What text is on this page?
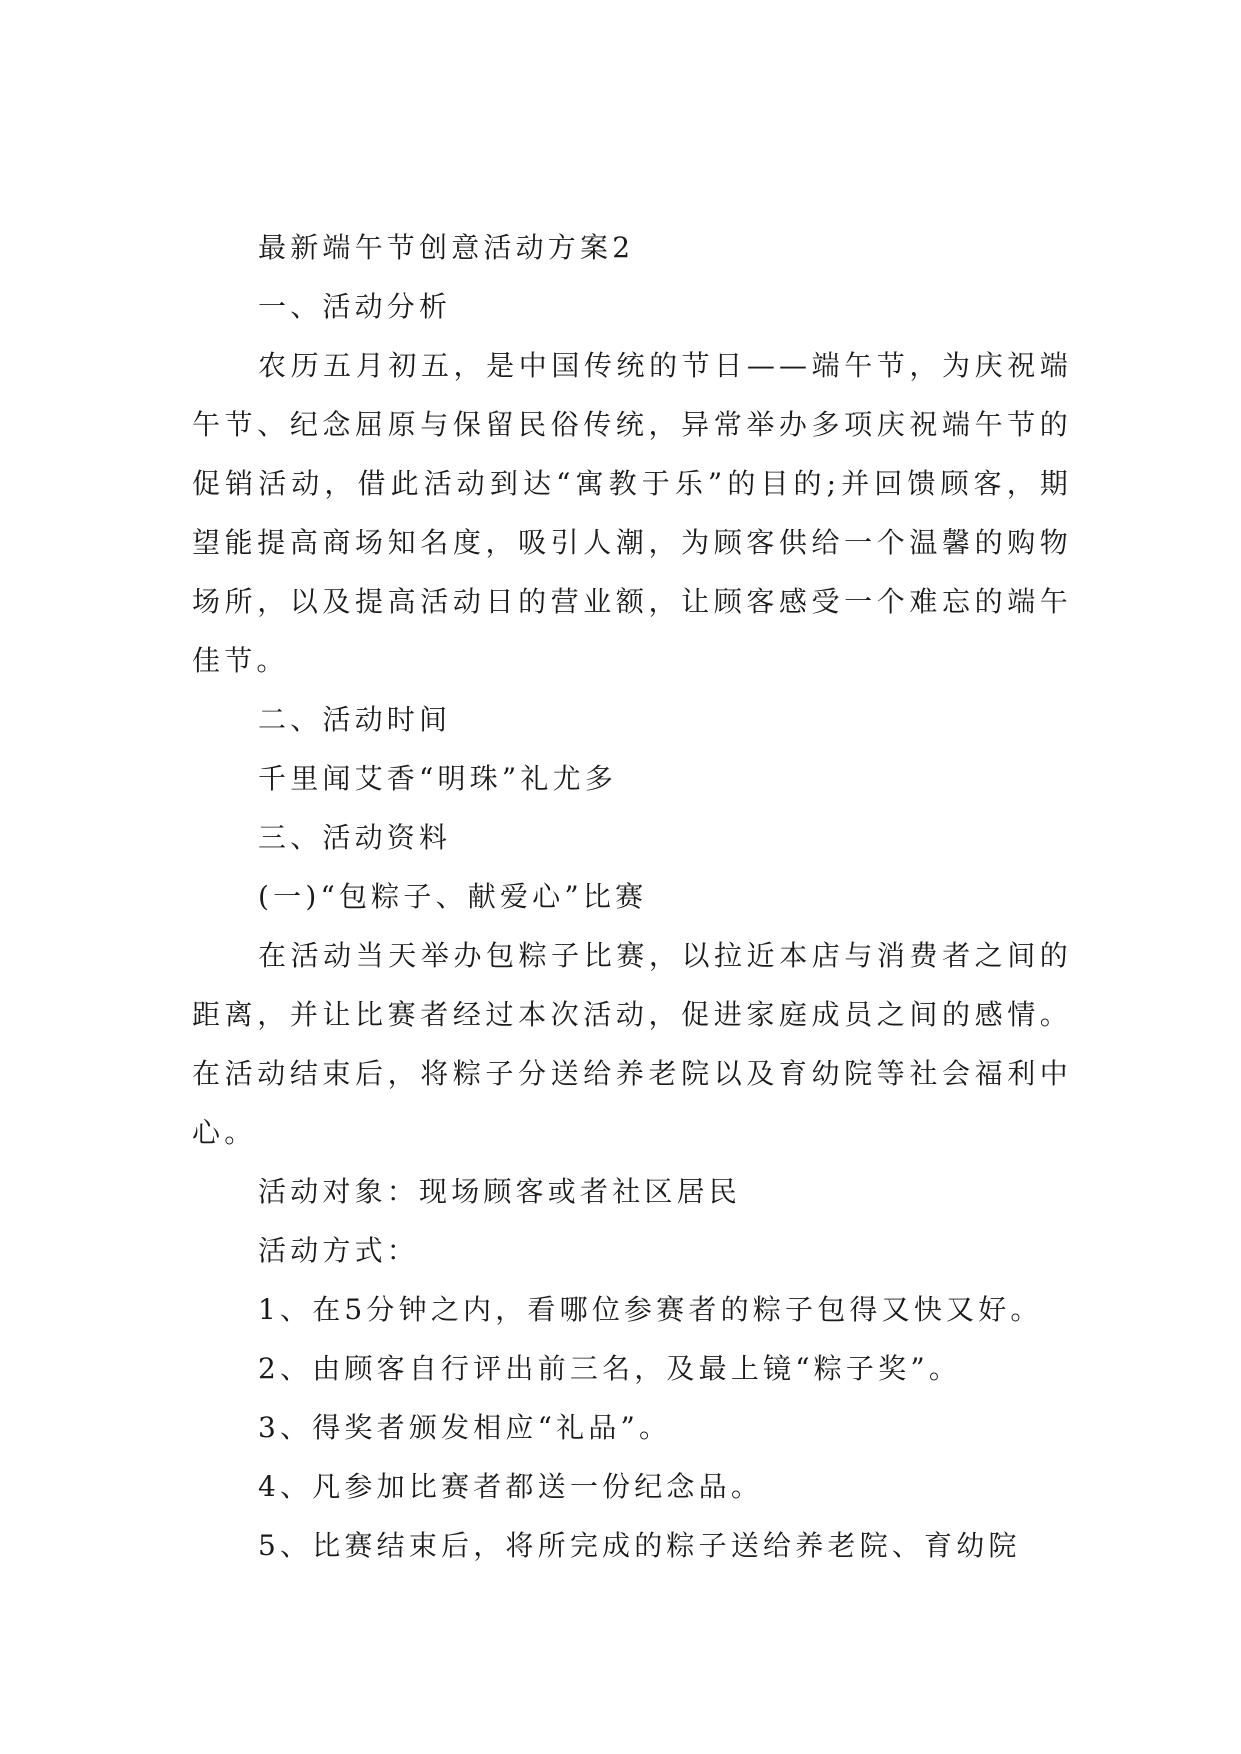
最新端午节创意活动方案2

一、活动分析

农历五月初五，是中国传统的节日——端午节，为庆祝端午节、纪念屈原与保留民俗传统，异常举办多项庆祝端午节的促销活动，借此活动到达“寓教于乐”的目的;并回馈顾客，期望能提高商场知名度，吸引人潮，为顾客供给一个温馨的购物场所，以及提高活动日的营业额，让顾客感受一个难忘的端午佳节。

二、活动时间

千里闻艾香“明珠”礼尤多

三、活动资料

(一)“包粽子、献爱心”比赛

在活动当天举办包粽子比赛，以拉近本店与消费者之间的距离，并让比赛者经过本次活动，促进家庭成员之间的感情。在活动结束后，将粽子分送给养老院以及育幼院等社会福利中心。

活动对象：现场顾客或者社区居民

活动方式：

1、在5分钟之内，看哪位参赛者的粽子包得又快又好。

2、由顾客自行评出前三名，及最上镜“粽子奖”。

3、得奖者颁发相应“礼品”。

4、凡参加比赛者都送一份纪念品。

5、比赛结束后，将所完成的粽子送给养老院、育幼院
